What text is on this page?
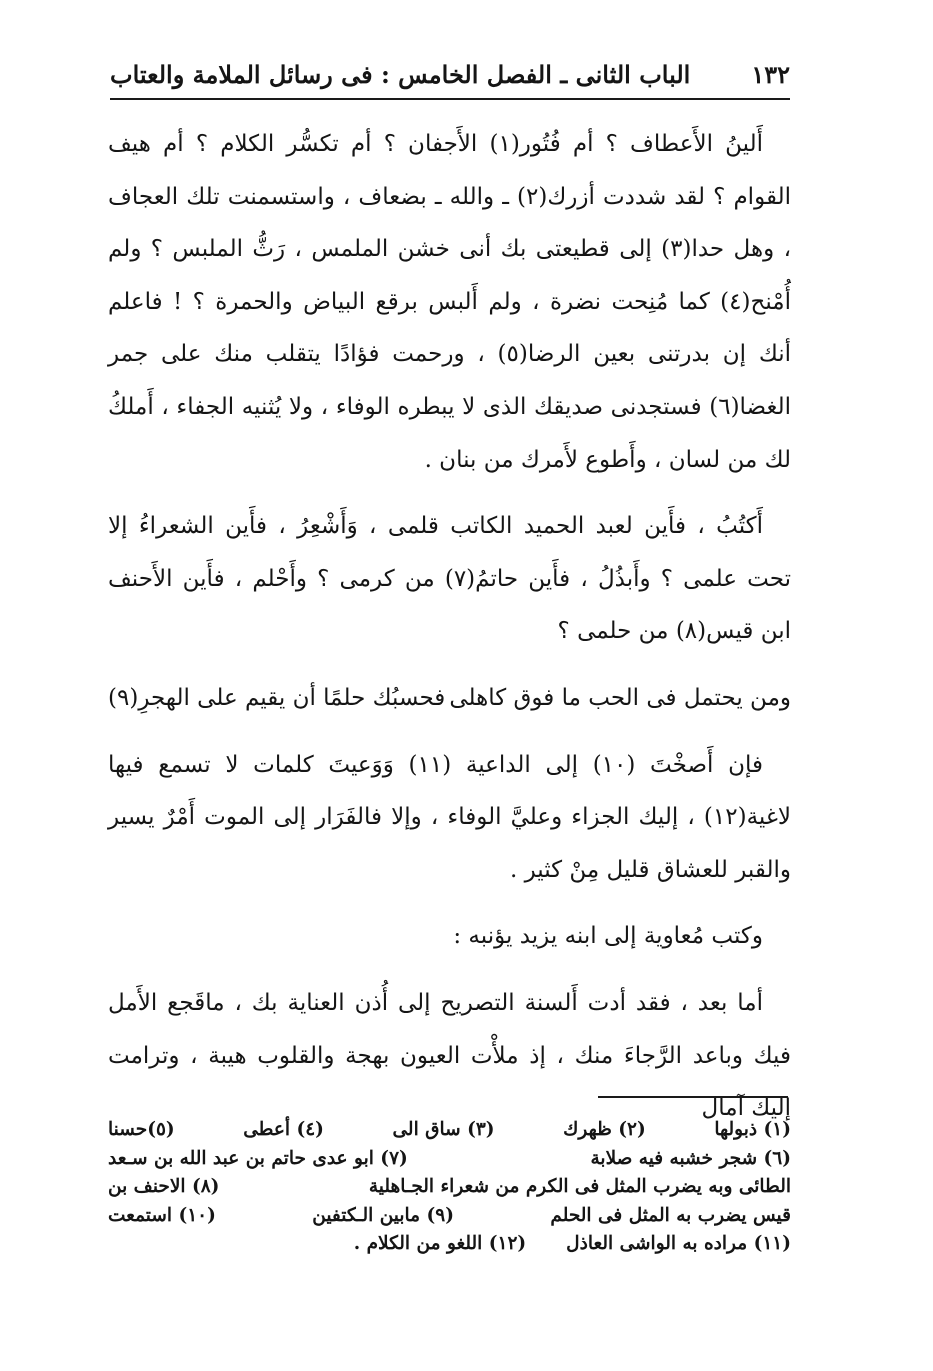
١٣٢
الباب الثانى ـ الفصل الخامس : فى رسائل الملامة والعتاب

أَلينُ الأَعطاف ؟ أم فُتُور(١) الأَجفان ؟ أم تكسُّر الكلام ؟ أم هيف القوام ؟ لقد شددت أزرك(٢) ـ والله ـ بضعاف ، واستسمنت تلك العجاف ، وهل حدا(٣) إلى قطيعتى بك أنى خشن الملمس ، رَثُّ الملبس ؟ ولم أُمْنح(٤) كما مُنِحت نضرة ، ولم أَلبس برقع البياض والحمرة ؟ ! فاعلم أنك إن بدرتنى بعين الرضا(٥) ، ورحمت فؤادًا يتقلب منك على جمر الغضا(٦) فستجدنى صديقك الذى لا يبطره الوفاء ، ولا يُثنيه الجفاء ، أَملكُ لك من لسان ، وأَطوع لأَمرك من بنان .

أَكتُبُ ، فأَين لعبد الحميد الكاتب قلمى ، وَأَشْعِرُ ، فأَين الشعراءُ إلا تحت علمى ؟ وأَبذُلُ ، فأَين حاتمُ(٧) من كرمى ؟ وأَحْلم ، فأَين الأَحنف ابن قيس(٨) من حلمى ؟

ومن يحتمل فى الحب ما فوق كاهلى
فحسبُك حلمًا أن يقيم على الهجرِ(٩)

فإن أَصخْتَ (١٠) إلى الداعية (١١) وَوَعيتَ كلمات لا تسمع فيها لاغية(١٢) ، إليك الجزاء وعليَّ الوفاء ، وإلا فالفَرَار إلى الموت أَمْرٌ يسير والقبر للعشاق قليل مِنْ كثير .

وكتب مُعاوية إلى ابنه يزيد يؤنبه :

أما بعد ، فقد أدت أَلسنة التصريح إلى أُذن العناية بك ، ماقَجع الأَمل فيك وباعد الرَّجاءَ منك ، إذ ملأْت العيون بهجة والقلوب هيبة ، وترامت إليك آمال

(١) ذبولها
(٢) ظهرك
(٣) ساق الى
(٤) أعطى
(٥)حسنا
(٦) شجر خشبه فيه صلابة
(٧) ابو عدى حاتم بن عبد الله بن سـعد
الطائى وبه يضرب المثل فى الكرم من شعراء الجـاهلية
(٨) الاحنف بن
قيس يضرب به المثل فى الحلم
(٩) مابين الـكتفين
(١٠) استمعت
(١١) مراده به الواشى العاذل
(١٢) اللغو من الكلام .
